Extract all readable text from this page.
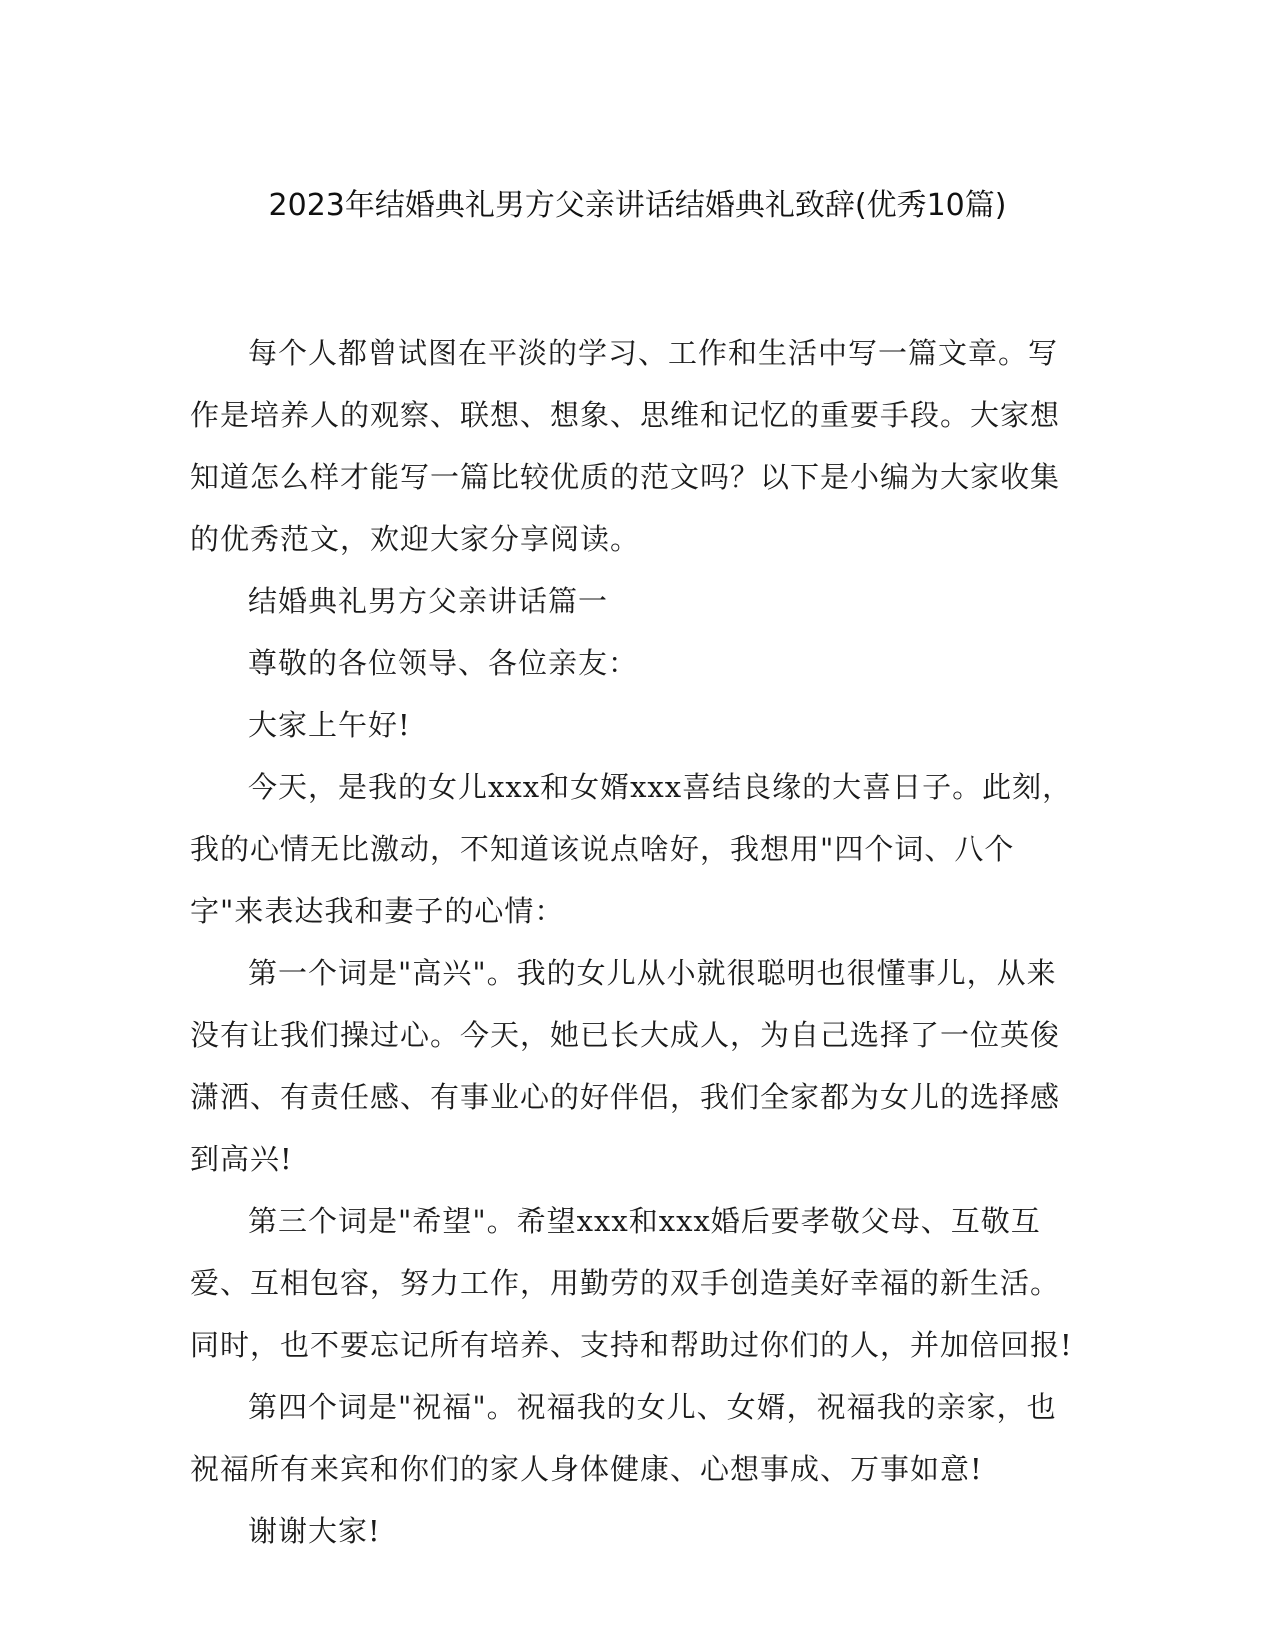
2023年结婚典礼男方父亲讲话结婚典礼致辞(优秀10篇)

每个人都曾试图在平淡的学习、工作和生活中写一篇文章。写作是培养人的观察、联想、想象、思维和记忆的重要手段。大家想知道怎么样才能写一篇比较优质的范文吗？以下是小编为大家收集的优秀范文，欢迎大家分享阅读。

结婚典礼男方父亲讲话篇一

尊敬的各位领导、各位亲友：

大家上午好!

今天，是我的女儿xxx和女婿xxx喜结良缘的大喜日子。此刻，我的心情无比激动，不知道该说点啥好，我想用"四个词、八个字"来表达我和妻子的心情：

第一个词是"高兴"。我的女儿从小就很聪明也很懂事儿，从来没有让我们操过心。今天，她已长大成人，为自己选择了一位英俊潇洒、有责任感、有事业心的好伴侣，我们全家都为女儿的选择感到高兴!

第三个词是"希望"。希望xxx和xxx婚后要孝敬父母、互敬互爱、互相包容，努力工作，用勤劳的双手创造美好幸福的新生活。同时，也不要忘记所有培养、支持和帮助过你们的人，并加倍回报!

第四个词是"祝福"。祝福我的女儿、女婿，祝福我的亲家，也祝福所有来宾和你们的家人身体健康、心想事成、万事如意!

谢谢大家!
